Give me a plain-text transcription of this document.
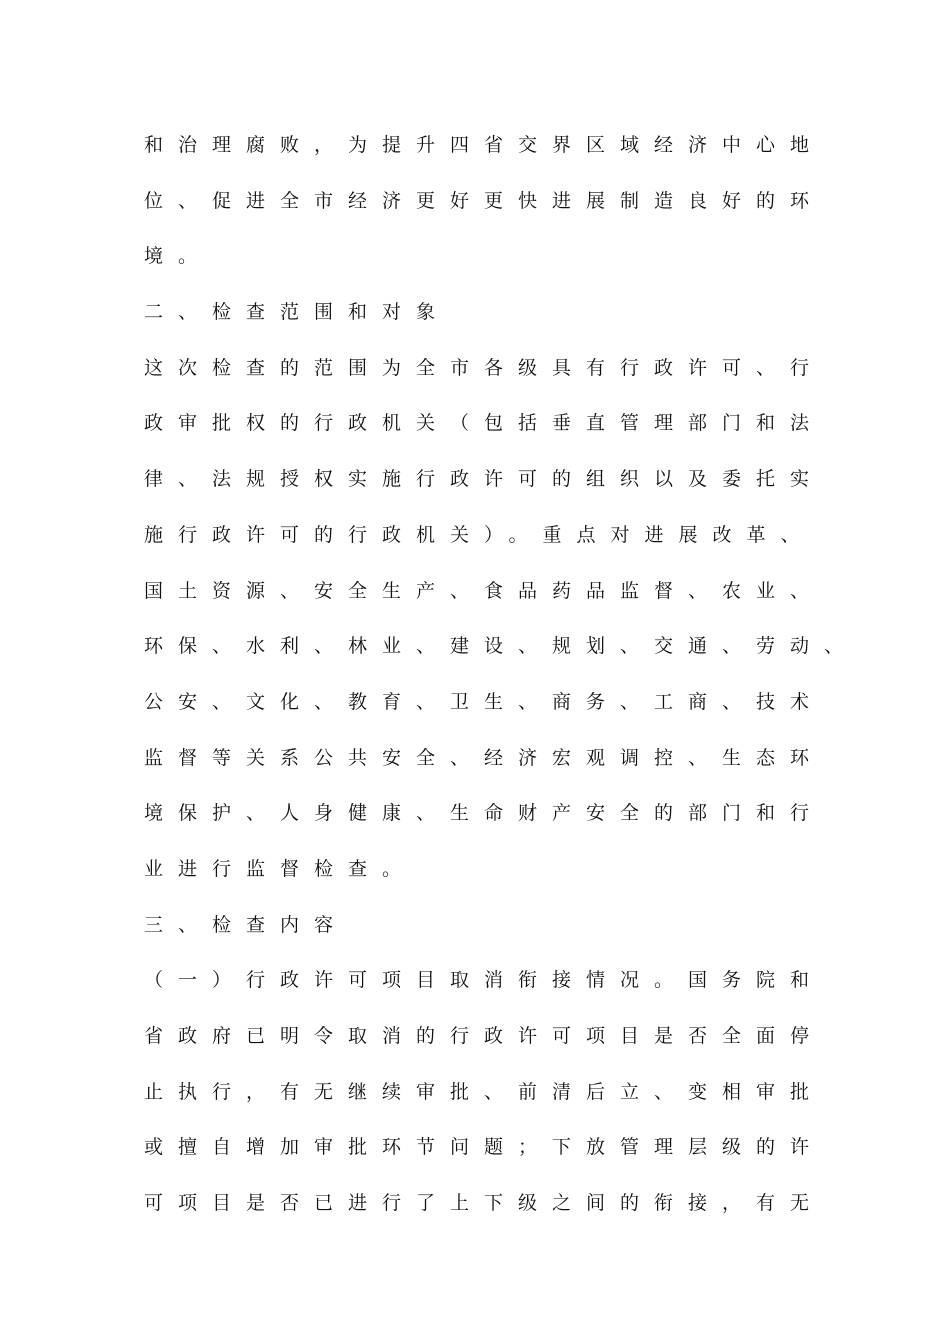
和治理腐败，为提升四省交界区域经济中心地
位、促进全市经济更好更快进展制造良好的环
境。
二、检查范围和对象
这次检查的范围为全市各级具有行政许可、行
政审批权的行政机关（包括垂直管理部门和法
律、法规授权实施行政许可的组织以及委托实
施行政许可的行政机关）。重点对进展改革、
国土资源、安全生产、食品药品监督、农业、
环保、水利、林业、建设、规划、交通、劳动、
公安、文化、教育、卫生、商务、工商、技术
监督等关系公共安全、经济宏观调控、生态环
境保护、人身健康、生命财产安全的部门和行
业进行监督检查。
三、检查内容
（一）行政许可项目取消衔接情况。国务院和
省政府已明令取消的行政许可项目是否全面停
止执行，有无继续审批、前清后立、变相审批
或擅自增加审批环节问题；下放管理层级的许
可项目是否已进行了上下级之间的衔接，有无
